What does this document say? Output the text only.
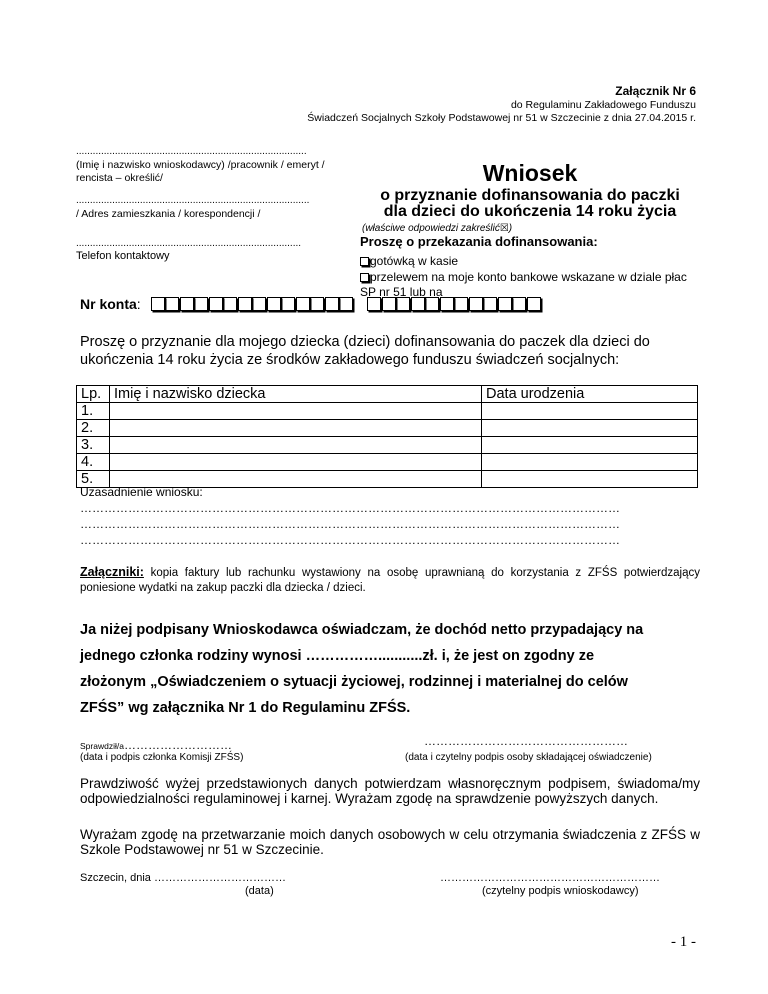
Załącznik Nr 6
do Regulaminu Zakładowego Funduszu
Świadczeń Socjalnych Szkoły Podstawowej nr 51 w Szczecinie z dnia 27.04.2015 r.
...................................................................................
(Imię i nazwisko wnioskodawcy) /pracownik / emeryt / rencista – określić/
....................................................................................
/ Adres zamieszkania / korespondencji /
.................................................................................
Telefon kontaktowy
Wniosek
o przyznanie dofinansowania do paczki
dla dzieci do ukończenia 14 roku życia
(właściwe odpowiedzi zakreślić☒)
Proszę o przekazania dofinansowania:
gotówką w kasie
przelewem na moje konto bankowe wskazane w dziale płac
SP nr 51 lub na
Nr konta:
Proszę o przyznanie dla mojego dziecka (dzieci) dofinansowania do paczek dla dzieci do ukończenia 14 roku życia ze środków zakładowego funduszu świadczeń socjalnych:
Lp.	Imię i nazwisko dziecka	Data urodzenia
1.		
2.		
3.		
4.		
5.		
Uzasadnienie wniosku:
………………………………………………………………………………………………………………………
………………………………………………………………………………………………………………………
………………………………………………………………………………………………………………………
Załączniki: kopia faktury lub rachunku wystawiony na osobę uprawnianą do korzystania z ZFŚS potwierdzający poniesione wydatki na zakup paczki dla dziecka / dzieci.
Ja niżej podpisany Wnioskodawca oświadczam, że dochód netto przypadający na
jednego członka rodziny wynosi ……………...........zł. i, że jest on zgodny ze
złożonym „Oświadczeniem o sytuacji życiowej, rodzinnej i materialnej do celów
ZFŚS” wg załącznika Nr 1 do Regulaminu ZFŚS.
Sprawdził/a………………………
(data i podpis członka Komisji ZFŚS)
……………………………………………
(data i czytelny podpis osoby składającej oświadczenie)
Prawdziwość wyżej przedstawionych danych potwierdzam własnoręcznym podpisem, świadoma/my odpowiedzialności regulaminowej i karnej. Wyrażam zgodę na sprawdzenie powyższych danych.
Wyrażam zgodę na przetwarzanie moich danych osobowych w celu otrzymania świadczenia z ZFŚS w Szkole Podstawowej nr 51 w Szczecinie.
Szczecin, dnia ………………………………
(data)
……………………………………………………
(czytelny podpis wnioskodawcy)
- 1 -
